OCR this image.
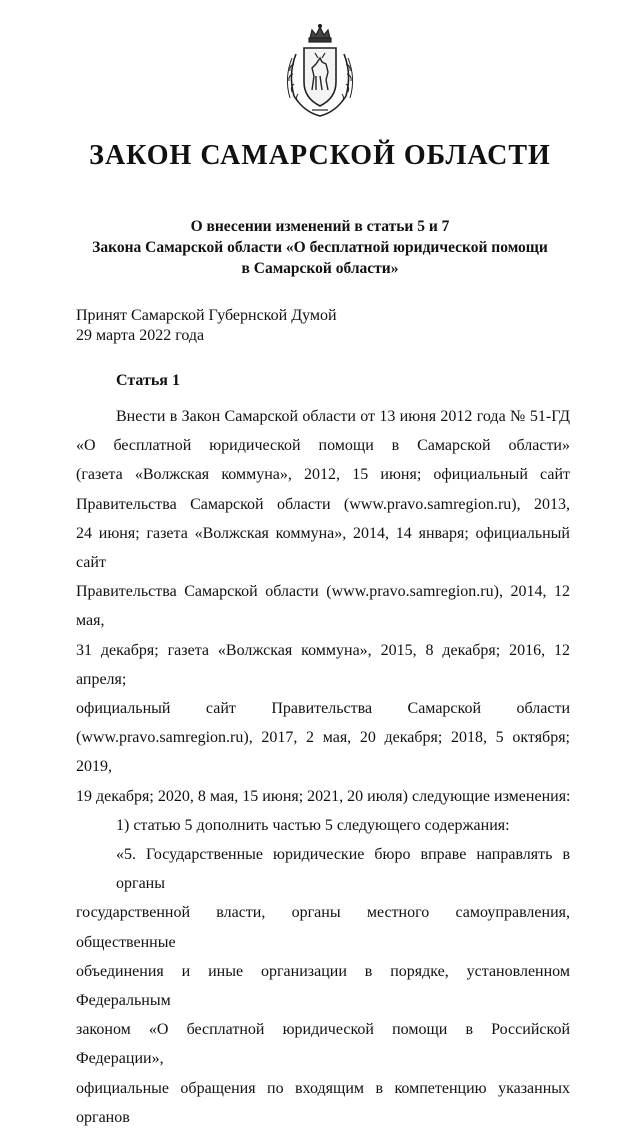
ЗАКОН САМАРСКОЙ ОБЛАСТИ
О внесении изменений в статьи 5 и 7
Закона Самарской области «О бесплатной юридической помощи
в Самарской области»
Принят Самарской Губернской Думой
29 марта 2022 года
Статья 1
Внести в Закон Самарской области от 13 июня 2012 года № 51-ГД
«О бесплатной юридической помощи в Самарской области»
(газета «Волжская коммуна», 2012, 15 июня; официальный сайт
Правительства Самарской области (www.pravo.samregion.ru), 2013,
24 июня; газета «Волжская коммуна», 2014, 14 января; официальный сайт
Правительства Самарской области (www.pravo.samregion.ru), 2014, 12 мая,
31 декабря; газета «Волжская коммуна», 2015, 8 декабря; 2016, 12 апреля;
официальный сайт Правительства Самарской области
(www.pravo.samregion.ru), 2017, 2 мая, 20 декабря; 2018, 5 октября; 2019,
19 декабря; 2020, 8 мая, 15 июня; 2021, 20 июля) следующие изменения:
1) статью 5 дополнить частью 5 следующего содержания:
«5. Государственные юридические бюро вправе направлять в органы
государственной власти, органы местного самоуправления, общественные
объединения и иные организации в порядке, установленном Федеральным
законом «О бесплатной юридической помощи в Российской Федерации»,
официальные обращения по входящим в компетенцию указанных органов
